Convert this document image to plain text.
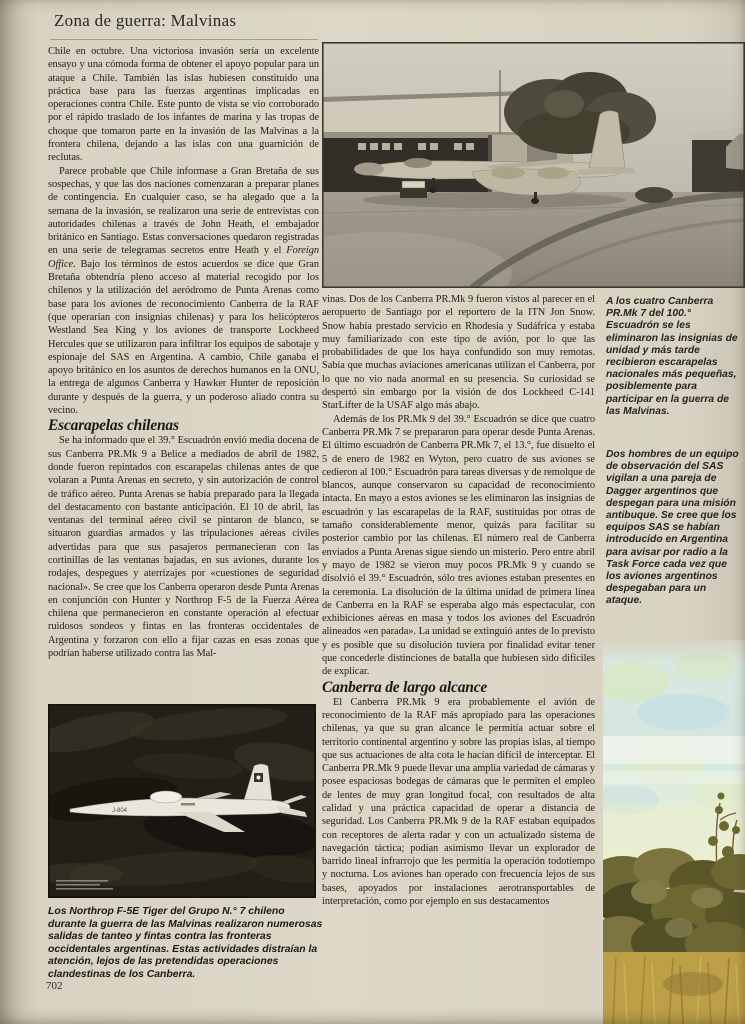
Zona de guerra: Malvinas

Chile en octubre. Una victoriosa invasión sería un excelente ensayo y una cómoda forma de obtener el apoyo popular para un ataque a Chile. También las islas hubiesen constituido una práctica base para las fuerzas argentinas implicadas en operaciones contra Chile. Este punto de vista se vio corroborado por el rápido traslado de los infantes de marina y las tropas de choque que tomaron parte en la invasión de las Malvinas a la frontera chilena, dejando a las islas con una guarnición de reclutas.

Parece probable que Chile informase a Gran Bretaña de sus sospechas, y que las dos naciones comenzaran a preparar planes de contingencia. En cualquier caso, se ha alegado que a la semana de la invasión, se realizaron una serie de entrevistas con autoridades chilenas a través de John Heath, el embajador británico en Santiago. Estas conversaciones quedaron registradas en una serie de telegramas secretos entre Heath y el Foreign Office. Bajo los términos de estos acuerdos se dice que Gran Bretaña obtendría pleno acceso al material recogido por los chilenos y la utilización del aeródromo de Punta Arenas como base para los aviones de reconocimiento Canberra de la RAF (que operarían con insignias chilenas) y para los helicópteros Westland Sea King y los aviones de transporte Lockheed Hercules que se utilizaron para infiltrar los equipos de sabotaje y espionaje del SAS en Argentina. A cambio, Chile ganaba el apoyo británico en los asuntos de derechos humanos en la ONU, la entrega de algunos Canberra y Hawker Hunter de reposición durante y después de la guerra, y un poderoso aliado contra su vecino.

Escarapelas chilenas

Se ha informado que el 39.° Escuadrón envió media docena de sus Canberra PR.Mk 9 a Belice a mediados de abril de 1982, donde fueron repintados con escarapelas chilenas antes de que volaran a Punta Arenas en secreto, y sin autorización de control de tráfico aéreo. Punta Arenas se había preparado para la llegada del destacamento con bastante anticipación. El 10 de abril, las ventanas del terminal aéreo civil se pintaron de blanco, se situaron guardias armados y las tripulaciones aéreas civiles advertidas para que sus pasajeros permanecieran con las cortinillas de las ventanas bajadas, en sus aviones, durante los rodajes, despegues y aterrizajes por «cuestiones de seguridad nacional». Se cree que los Canberra operaron desde Punta Arenas en conjunción con Hunter y Northrop F-5 de la Fuerza Aérea chilena que permanecieron en constante operación al efectuar ruidosos sondeos y fintas en las fronteras occidentales de Argentina y forzaron con ello a fijar cazas en esas zonas que podrían haberse utilizado contra las Mal-

vinas. Dos de los Canberra PR.Mk 9 fueron vistos al parecer en el aeropuerto de Santiago por el reportero de la ITN Jon Snow. Snow había prestado servicio en Rhodesia y Sudáfrica y estaba muy familiarizado con este tipo de avión, por lo que las probabilidades de que los haya confundido son muy remotas. Sabía que muchas aviaciones americanas utilizan el Canberra, por lo que no vio nada anormal en su presencia. Su curiosidad se despertó sin embargo por la visión de dos Lockheed C-141 StarLifter de la USAF algo más abajo.

Además de los PR.Mk 9 del 39.° Escuadrón se dice que cuatro Canberra PR.Mk 7 se prepararon para operar desde Punta Arenas. El último escuadrón de Canberra PR.Mk 7, el 13.°, fue disuelto el 5 de enero de 1982 en Wyton, pero cuatro de sus aviones se cedieron al 100.° Escuadrón para tareas diversas y de remolque de blancos, aunque conservaron su capacidad de reconocimiento intacta. En mayo a estos aviones se les eliminaron las insignias de escuadrón y las escarapelas de la RAF, sustituidas por otras de tamaño considerablemente menor, quizás para facilitar su posterior cambio por las chilenas. El número real de Canberra enviados a Punta Arenas sigue siendo un misterio. Pero entre abril y mayo de 1982 se vieron muy pocos PR.Mk 9 y cuando se disolvió el 39.° Escuadrón, sólo tres aviones estaban presentes en la ceremonia. La disolución de la última unidad de primera línea de Canberra en la RAF se esperaba algo más espectacular, con exhibiciones aéreas en masa y todos los aviones del Escuadrón alineados «en parada». La unidad se extinguió antes de lo previsto y es posible que su disolución tuviera por finalidad evitar tener que concederle distinciones de batalla que hubiesen sido difíciles de explicar.

Canberra de largo alcance

El Canberra PR.Mk 9 era probablemente el avión de reconocimiento de la RAF más apropiado para las operaciones chilenas, ya que su gran alcance le permitía actuar sobre el territorio continental argentino y sobre las propias islas, al tiempo que sus actuaciones de alta cota le hacían difícil de interceptar. El Canberra PR.Mk 9 puede llevar una amplia variedad de cámaras y posee espaciosas bodegas de cámaras que le permiten el empleo de lentes de muy gran longitud focal, con resultados de alta calidad y una práctica capacidad de operar a distancia de seguridad. Los Canberra PR.Mk 9 de la RAF estaban equipados con receptores de alerta radar y con un actualizado sistema de navegación táctica; podían asimismo llevar un explorador de barrido lineal infrarrojo que les permitía la operación todotiempo y nocturna. Los aviones han operado con frecuencia lejos de sus bases, apoyados por instalaciones aerotransportables de interpretación, como por ejemplo en sus destacamentos

A los cuatro Canberra PR.Mk 7 del 100.° Escuadrón se les eliminaron las insignias de unidad y más tarde recibieron escarapelas nacionales más pequeñas, posiblemente para participar en la guerra de las Malvinas.
Dos hombres de un equipo de observación del SAS vigilan a una pareja de Dagger argentinos que despegan para una misión antibuque. Se cree que los equipos SAS se habían introducido en Argentina para avisar por radio a la Task Force cada vez que los aviones argentinos despegaban para un ataque.
J-804
Los Northrop F-5E Tiger del Grupo N.° 7 chileno durante la guerra de las Malvinas realizaron numerosas salidas de tanteo y fintas contra las fronteras occidentales argentinas. Estas actividades distraían la atención, lejos de las pretendidas operaciones clandestinas de los Canberra.
702
